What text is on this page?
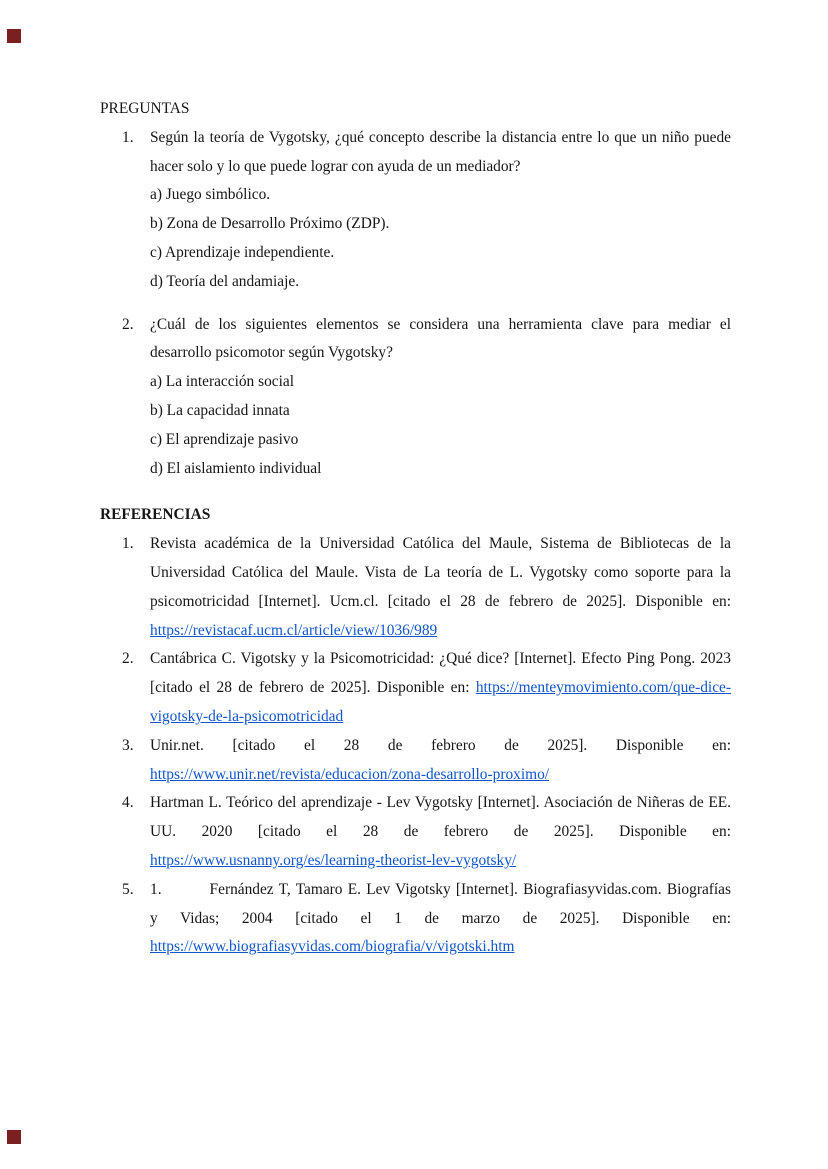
PREGUNTAS
1.	Según la teoría de Vygotsky, ¿qué concepto describe la distancia entre lo que un niño puede hacer solo y lo que puede lograr con ayuda de un mediador?
a) Juego simbólico.
b) Zona de Desarrollo Próximo (ZDP).
c) Aprendizaje independiente.
d) Teoría del andamiaje.
2.	¿Cuál de los siguientes elementos se considera una herramienta clave para mediar el desarrollo psicomotor según Vygotsky?
a) La interacción social
b) La capacidad innata
c) El aprendizaje pasivo
d) El aislamiento individual
REFERENCIAS
1.	Revista académica de la Universidad Católica del Maule, Sistema de Bibliotecas de la Universidad Católica del Maule. Vista de La teoría de L. Vygotsky como soporte para la psicomotricidad [Internet]. Ucm.cl. [citado el 28 de febrero de 2025]. Disponible en: https://revistacaf.ucm.cl/article/view/1036/989
2.	Cantábrica C. Vigotsky y la Psicomotricidad: ¿Qué dice? [Internet]. Efecto Ping Pong. 2023 [citado el 28 de febrero de 2025]. Disponible en: https://menteymovimiento.com/que-dice-vigotsky-de-la-psicomotricidad
3.	Unir.net. [citado el 28 de febrero de 2025]. Disponible en: https://www.unir.net/revista/educacion/zona-desarrollo-proximo/
4.	Hartman L. Teórico del aprendizaje - Lev Vygotsky [Internet]. Asociación de Niñeras de EE. UU. 2020 [citado el 28 de febrero de 2025]. Disponible en: https://www.usnanny.org/es/learning-theorist-lev-vygotsky/
5.	1.	Fernández T, Tamaro E. Lev Vigotsky [Internet]. Biografiasyvidas.com. Biografías y Vidas; 2004 [citado el 1 de marzo de 2025]. Disponible en: https://www.biografiasyvidas.com/biografia/v/vigotski.htm
